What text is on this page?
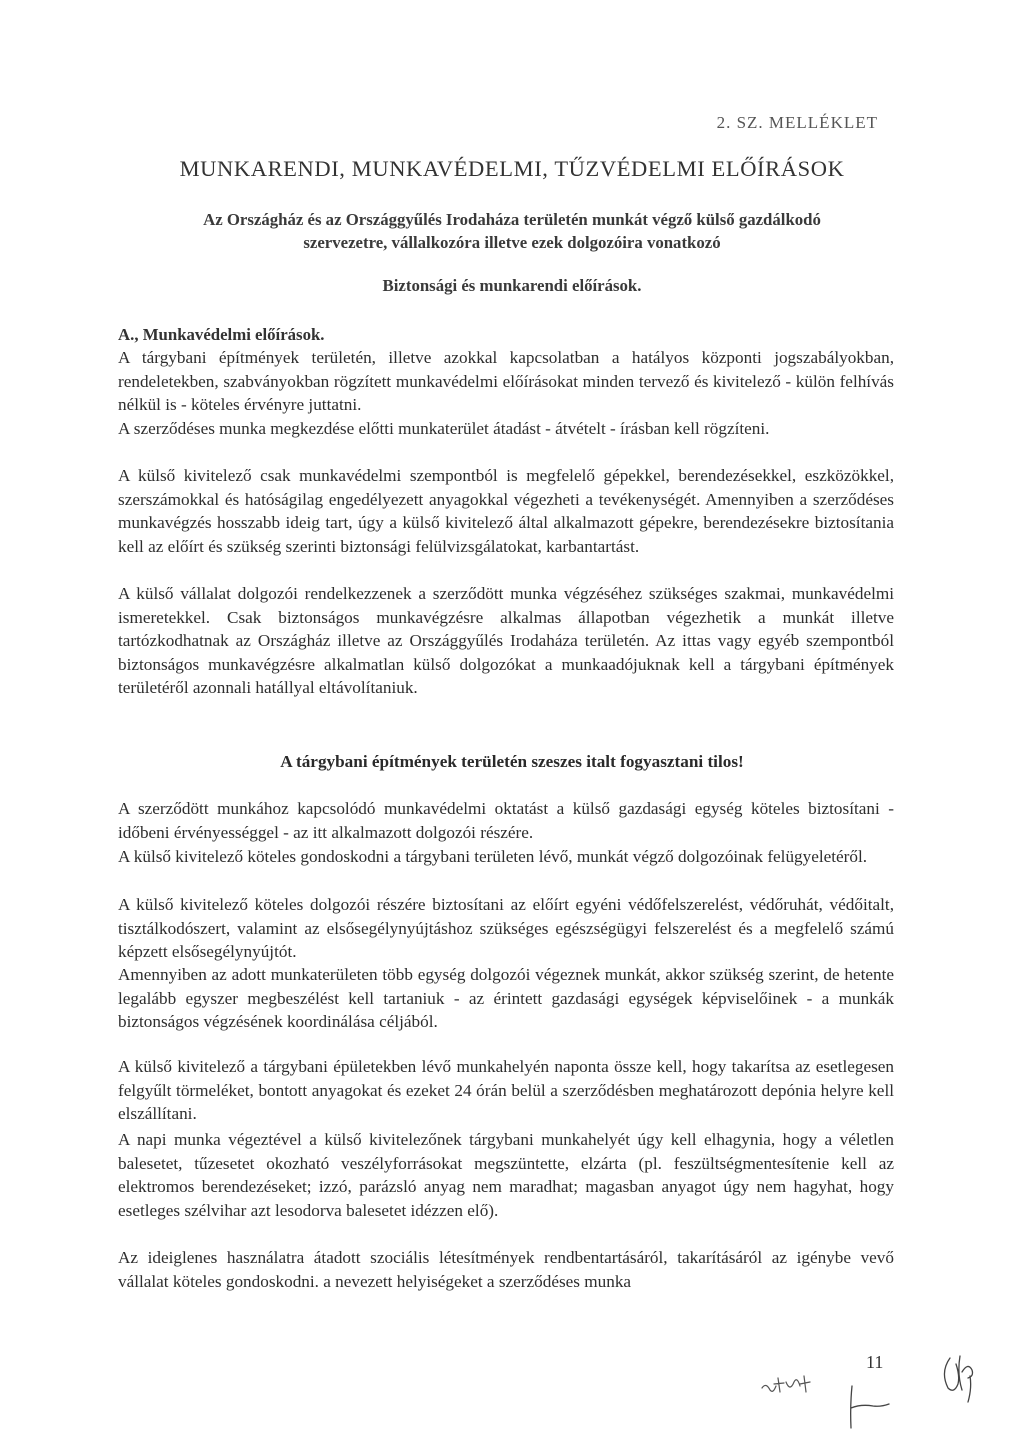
2. SZ. MELLÉKLET
MUNKARENDI, MUNKAVÉDELMI, TŰZVÉDELMI ELŐÍRÁSOK
Az Országház és az Országgyűlés Irodaháza területén munkát végző külső gazdálkodó szervezetre, vállalkozóra illetve ezek dolgozóira vonatkozó
Biztonsági és munkarendi előírások.
A., Munkavédelmi előírások.
A tárgybani építmények területén, illetve azokkal kapcsolatban a hatályos központi jogszabályokban, rendeletekben, szabványokban rögzített munkavédelmi előírásokat minden tervező és kivitelező - külön felhívás nélkül is - köteles érvényre juttatni.
A szerződéses munka megkezdése előtti munkaterület átadást - átvételt - írásban kell rögzíteni.
A külső kivitelező csak munkavédelmi szempontból is megfelelő gépekkel, berendezésekkel, eszközökkel, szerszámokkal és hatóságilag engedélyezett anyagokkal végezheti a tevékenységét. Amennyiben a szerződéses munkavégzés hosszabb ideig tart, úgy a külső kivitelező által alkalmazott gépekre, berendezésekre biztosítania kell az előírt és szükség szerinti biztonsági felülvizsgálatokat, karbantartást.
A külső vállalat dolgozói rendelkezzenek a szerződött munka végzéséhez szükséges szakmai, munkavédelmi ismeretekkel. Csak biztonságos munkavégzésre alkalmas állapotban végezhetik a munkát illetve tartózkodhatnak az Országház illetve az Országgyűlés Irodaháza területén. Az ittas vagy egyéb szempontból biztonságos munkavégzésre alkalmatlan külső dolgozókat a munkaadójuknak kell a tárgybani építmények területéről azonnali hatállyal eltávolítaniuk.
A tárgybani építmények területén szeszes italt fogyasztani tilos!
A szerződött munkához kapcsolódó munkavédelmi oktatást a külső gazdasági egység köteles biztosítani - időbeni érvényességgel - az itt alkalmazott dolgozói részére.
A külső kivitelező köteles gondoskodni a tárgybani területen lévő, munkát végző dolgozóinak felügyeletéről.
A külső kivitelező köteles dolgozói részére biztosítani az előírt egyéni védőfelszerelést, védőruhát, védőitalt, tisztálkodószert, valamint az elsősegélynyújtáshoz szükséges egészségügyi felszerelést és a megfelelő számú képzett elsősegélynyújtót.
Amennyiben az adott munkaterületen több egység dolgozói végeznek munkát, akkor szükség szerint, de hetente legalább egyszer megbeszélést kell tartaniuk - az érintett gazdasági egységek képviselőinek - a munkák biztonságos végzésének koordinálása céljából.
A külső kivitelező a tárgybani épületekben lévő munkahelyén naponta össze kell, hogy takarítsa az esetlegesen felgyűlt törmeléket, bontott anyagokat és ezeket 24 órán belül a szerződésben meghatározott depónia helyre kell elszállítani.
A napi munka végeztével a külső kivitelezőnek tárgybani munkahelyét úgy kell elhagynia, hogy a véletlen balesetet, tűzesetet okozható veszélyforrásokat megszüntette, elzárta (pl. feszültségmentesítenie kell az elektromos berendezéseket; izzó, parázsló anyag nem maradhat; magasban anyagot úgy nem hagyhat, hogy esetleges szélvihar azt lesodorva balesetet idézzen elő).
Az ideiglenes használatra átadott szociális létesítmények rendbentartásáról, takarításáról az igénybe vevő vállalat köteles gondoskodni. a nevezett helyiségeket a szerződéses munka
11
